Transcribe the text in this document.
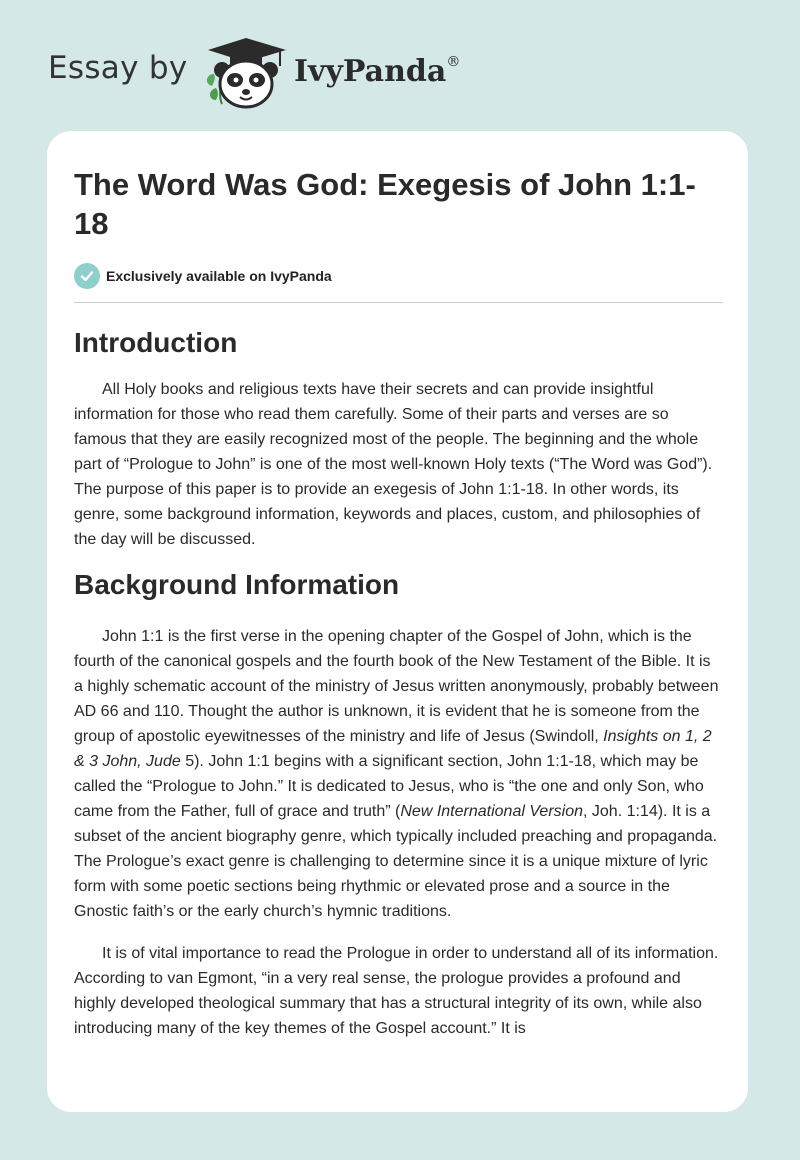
Essay by	IvyPanda®
The Word Was God: Exegesis of John 1:1-18
Exclusively available on IvyPanda
Introduction

All Holy books and religious texts have their secrets and can provide insightful information for those who read them carefully. Some of their parts and verses are so famous that they are easily recognized most of the people. The beginning and the whole part of “Prologue to John” is one of the most well-known Holy texts (“The Word was God”). The purpose of this paper is to provide an exegesis of John 1:1-18. In other words, its genre, some background information, keywords and places, custom, and philosophies of the day will be discussed.

Background Information

John 1:1 is the first verse in the opening chapter of the Gospel of John, which is the fourth of the canonical gospels and the fourth book of the New Testament of the Bible. It is a highly schematic account of the ministry of Jesus written anonymously, probably between AD 66 and 110. Thought the author is unknown, it is evident that he is someone from the group of apostolic eyewitnesses of the ministry and life of Jesus (Swindoll, Insights on 1, 2 & 3 John, Jude 5). John 1:1 begins with a significant section, John 1:1-18, which may be called the “Prologue to John.” It is dedicated to Jesus, who is “the one and only Son, who came from the Father, full of grace and truth” (New International Version, Joh. 1:14). It is a subset of the ancient biography genre, which typically included preaching and propaganda. The Prologue’s exact genre is challenging to determine since it is a unique mixture of lyric form with some poetic sections being rhythmic or elevated prose and a source in the Gnostic faith’s or the early church’s hymnic traditions.

It is of vital importance to read the Prologue in order to understand all of its information. According to van Egmont, “in a very real sense, the prologue provides a profound and highly developed theological summary that has a structural integrity of its own, while also introducing many of the key themes of the Gospel account.” It is
